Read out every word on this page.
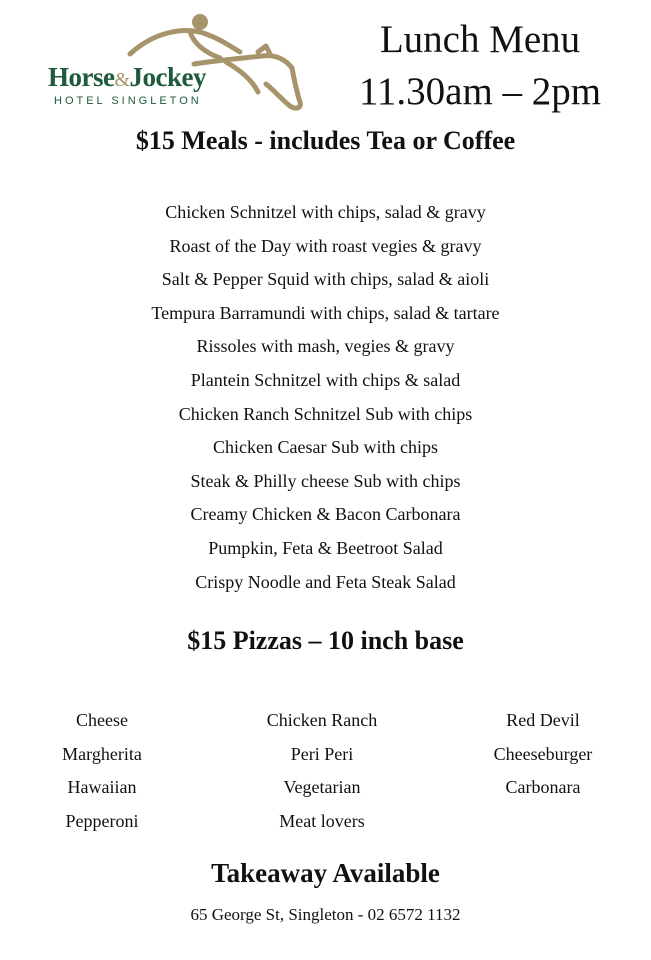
Horse&Jockey
HOTEL SINGLETON
Lunch Menu
11.30am – 2pm
$15 Meals - includes Tea or Coffee
Chicken Schnitzel with chips, salad & gravy
Roast of the Day with roast vegies & gravy
Salt & Pepper Squid with chips, salad & aioli
Tempura Barramundi with chips, salad & tartare
Rissoles with mash, vegies & gravy
Plantein Schnitzel with chips & salad
Chicken Ranch Schnitzel Sub with chips
Chicken Caesar Sub with chips
Steak & Philly cheese Sub with chips
Creamy Chicken & Bacon Carbonara
Pumpkin, Feta & Beetroot Salad
Crispy Noodle and Feta Steak Salad
$15 Pizzas – 10 inch base
Cheese
Margherita
Hawaiian
Pepperoni
Chicken Ranch
Peri Peri
Vegetarian
Meat lovers
Red Devil
Cheeseburger
Carbonara
Takeaway Available
65 George St, Singleton - 02 6572 1132
